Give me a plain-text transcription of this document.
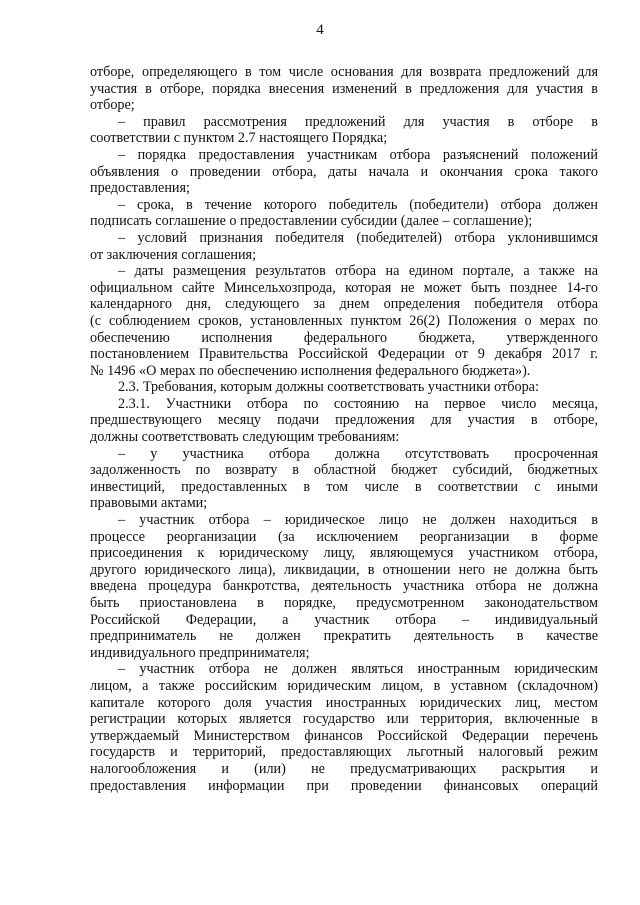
4
отборе, определяющего в том числе основания для возврата предложений для
участия в отборе, порядка внесения изменений в предложения для участия в
отборе;
– правил рассмотрения предложений для участия в отборе в
соответствии с пунктом 2.7 настоящего Порядка;
– порядка предоставления участникам отбора разъяснений положений
объявления о проведении отбора, даты начала и окончания срока такого
предоставления;
– срока, в течение которого победитель (победители) отбора должен
подписать соглашение о предоставлении субсидии (далее – соглашение);
– условий признания победителя (победителей) отбора уклонившимся
от заключения соглашения;
– даты размещения результатов отбора на едином портале, а также на
официальном сайте Минсельхозпрода, которая не может быть позднее 14-го
календарного дня, следующего за днем определения победителя отбора
(с соблюдением сроков, установленных пунктом 26(2) Положения о мерах по
обеспечению исполнения федерального бюджета, утвержденного
постановлением Правительства Российской Федерации от 9 декабря 2017 г.
№ 1496 «О мерах по обеспечению исполнения федерального бюджета»).
2.3. Требования, которым должны соответствовать участники отбора:
2.3.1. Участники отбора по состоянию на первое число месяца,
предшествующего месяцу подачи предложения для участия в отборе,
должны соответствовать следующим требованиям:
– у участника отбора должна отсутствовать просроченная
задолженность по возврату в областной бюджет субсидий, бюджетных
инвестиций, предоставленных в том числе в соответствии с иными
правовыми актами;
– участник отбора – юридическое лицо не должен находиться в
процессе реорганизации (за исключением реорганизации в форме
присоединения к юридическому лицу, являющемуся участником отбора,
другого юридического лица), ликвидации, в отношении него не должна быть
введена процедура банкротства, деятельность участника отбора не должна
быть приостановлена в порядке, предусмотренном законодательством
Российской Федерации, а участник отбора – индивидуальный
предприниматель не должен прекратить деятельность в качестве
индивидуального предпринимателя;
– участник отбора не должен являться иностранным юридическим
лицом, а также российским юридическим лицом, в уставном (складочном)
капитале которого доля участия иностранных юридических лиц, местом
регистрации которых является государство или территория, включенные в
утверждаемый Министерством финансов Российской Федерации перечень
государств и территорий, предоставляющих льготный налоговый режим
налогообложения и (или) не предусматривающих раскрытия и
предоставления информации при проведении финансовых операций
